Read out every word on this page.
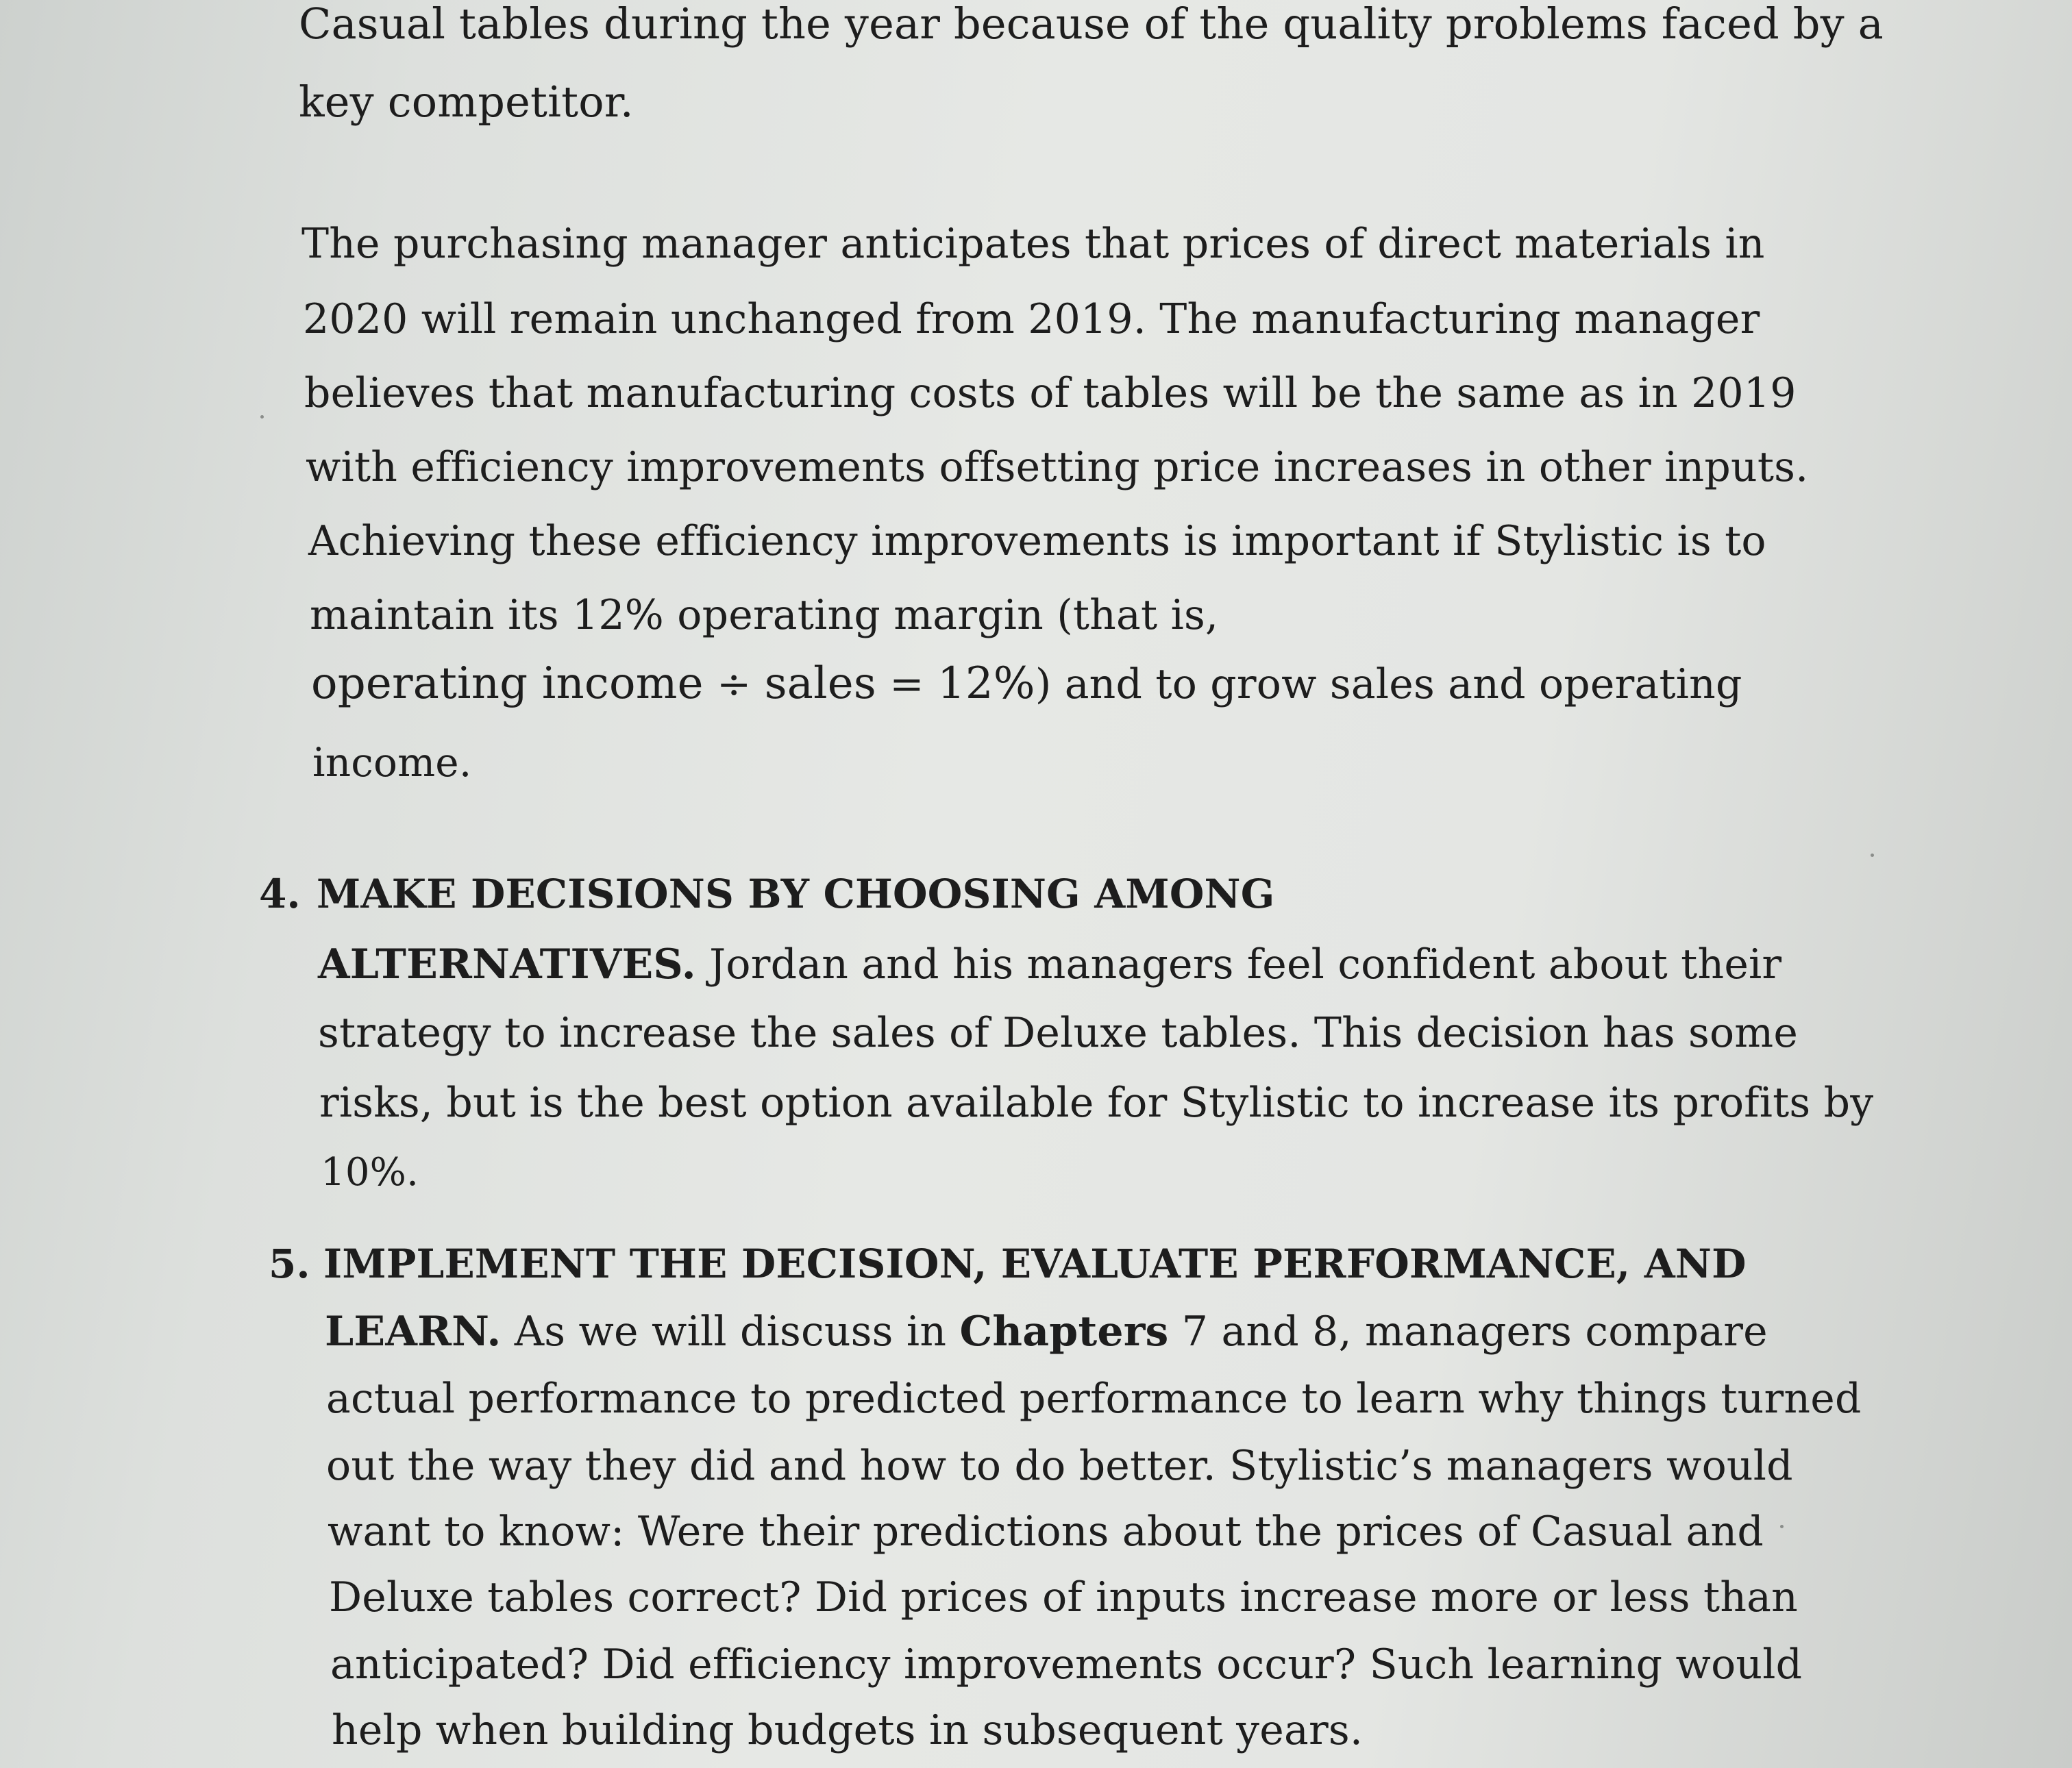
Casual tables during the year because of the quality problems faced by a
key competitor.
The purchasing manager anticipates that prices of direct materials in
2020 will remain unchanged from 2019. The manufacturing manager
believes that manufacturing costs of tables will be the same as in 2019
with efficiency improvements offsetting price increases in other inputs.
Achieving these efficiency improvements is important if Stylistic is to
maintain its 12% operating margin (that is,
operating income ÷ sales = 12%) and to grow sales and operating
income.
4. MAKE DECISIONS BY CHOOSING AMONG
ALTERNATIVES. Jordan and his managers feel confident about their
strategy to increase the sales of Deluxe tables. This decision has some
risks, but is the best option available for Stylistic to increase its profits by
10%.
5. IMPLEMENT THE DECISION, EVALUATE PERFORMANCE, AND
LEARN. As we will discuss in Chapters 7 and 8, managers compare
actual performance to predicted performance to learn why things turned
out the way they did and how to do better. Stylistic’s managers would
want to know: Were their predictions about the prices of Casual and
Deluxe tables correct? Did prices of inputs increase more or less than
anticipated? Did efficiency improvements occur? Such learning would
help when building budgets in subsequent years.
